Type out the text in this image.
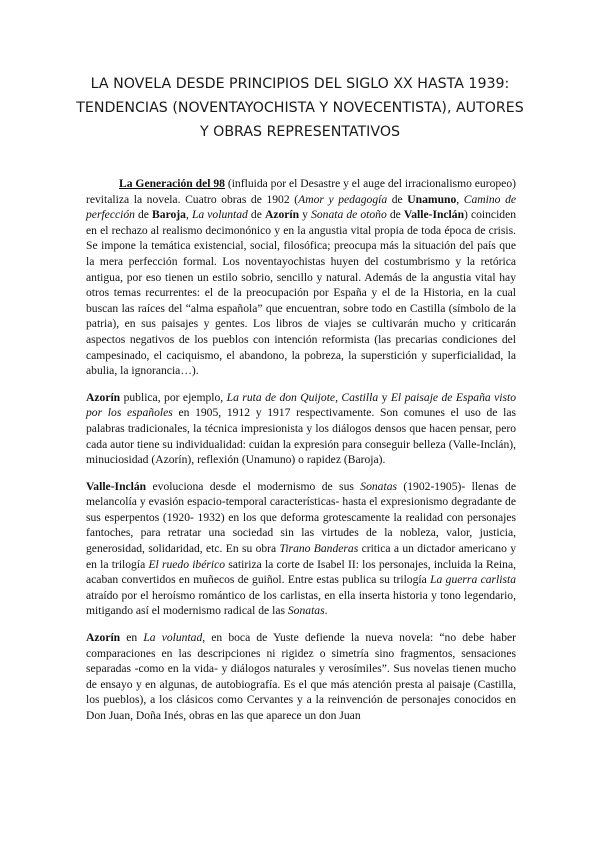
LA NOVELA DESDE PRINCIPIOS DEL SIGLO XX HASTA 1939:
TENDENCIAS (NOVENTAYOCHISTA Y NOVECENTISTA), AUTORES
Y OBRAS REPRESENTATIVOS

La Generación del 98 (influida por el Desastre y el auge del irracionalismo europeo) revitaliza la novela. Cuatro obras de 1902 (Amor y pedagogía de Unamuno, Camino de perfección de Baroja, La voluntad de Azorín y Sonata de otoño de Valle-Inclán) coinciden en el rechazo al realismo decimonónico y en la angustia vital propia de toda época de crisis. Se impone la temática existencial, social, filosófica; preocupa más la situación del país que la mera perfección formal. Los noventayochistas huyen del costumbrismo y la retórica antigua, por eso tienen un estilo sobrio, sencillo y natural. Además de la angustia vital hay otros temas recurrentes: el de la preocupación por España y el de la Historia, en la cual buscan las raíces del “alma española” que encuentran, sobre todo en Castilla (símbolo de la patria), en sus paisajes y gentes. Los libros de viajes se cultivarán mucho y criticarán aspectos negativos de los pueblos con intención reformista (las precarias condiciones del campesinado, el caciquismo, el abandono, la pobreza, la superstición y superficialidad, la abulia, la ignorancia…).

Azorín publica, por ejemplo, La ruta de don Quijote, Castilla y El paisaje de España visto por los españoles en 1905, 1912 y 1917 respectivamente. Son comunes el uso de las palabras tradicionales, la técnica impresionista y los diálogos densos que hacen pensar, pero cada autor tiene su individualidad: cuidan la expresión para conseguir belleza (Valle-Inclán), minuciosidad (Azorín), reflexión (Unamuno) o rapidez (Baroja).

Valle-Inclán evoluciona desde el modernismo de sus Sonatas (1902-1905)- llenas de melancolía y evasión espacio-temporal características- hasta el expresionismo degradante de sus esperpentos (1920- 1932) en los que deforma grotescamente la realidad con personajes fantoches, para retratar una sociedad sin las virtudes de la nobleza, valor, justicia, generosidad, solidaridad, etc. En su obra Tirano Banderas critica a un dictador americano y en la trilogía El ruedo ibérico satiriza la corte de Isabel II: los personajes, incluida la Reina, acaban convertidos en muñecos de guiñol. Entre estas publica su trilogía La guerra carlista atraído por el heroísmo romántico de los carlistas, en ella inserta historia y tono legendario, mitigando así el modernismo radical de las Sonatas.

Azorín en La voluntad, en boca de Yuste defiende la nueva novela: “no debe haber comparaciones en las descripciones ni rigidez o simetría sino fragmentos, sensaciones separadas -como en la vida- y diálogos naturales y verosímiles”. Sus novelas tienen mucho de ensayo y en algunas, de autobiografía. Es el que más atención presta al paisaje (Castilla, los pueblos), a los clásicos como Cervantes y a la reinvención de personajes conocidos en Don Juan, Doña Inés, obras en las que aparece un don Juan
